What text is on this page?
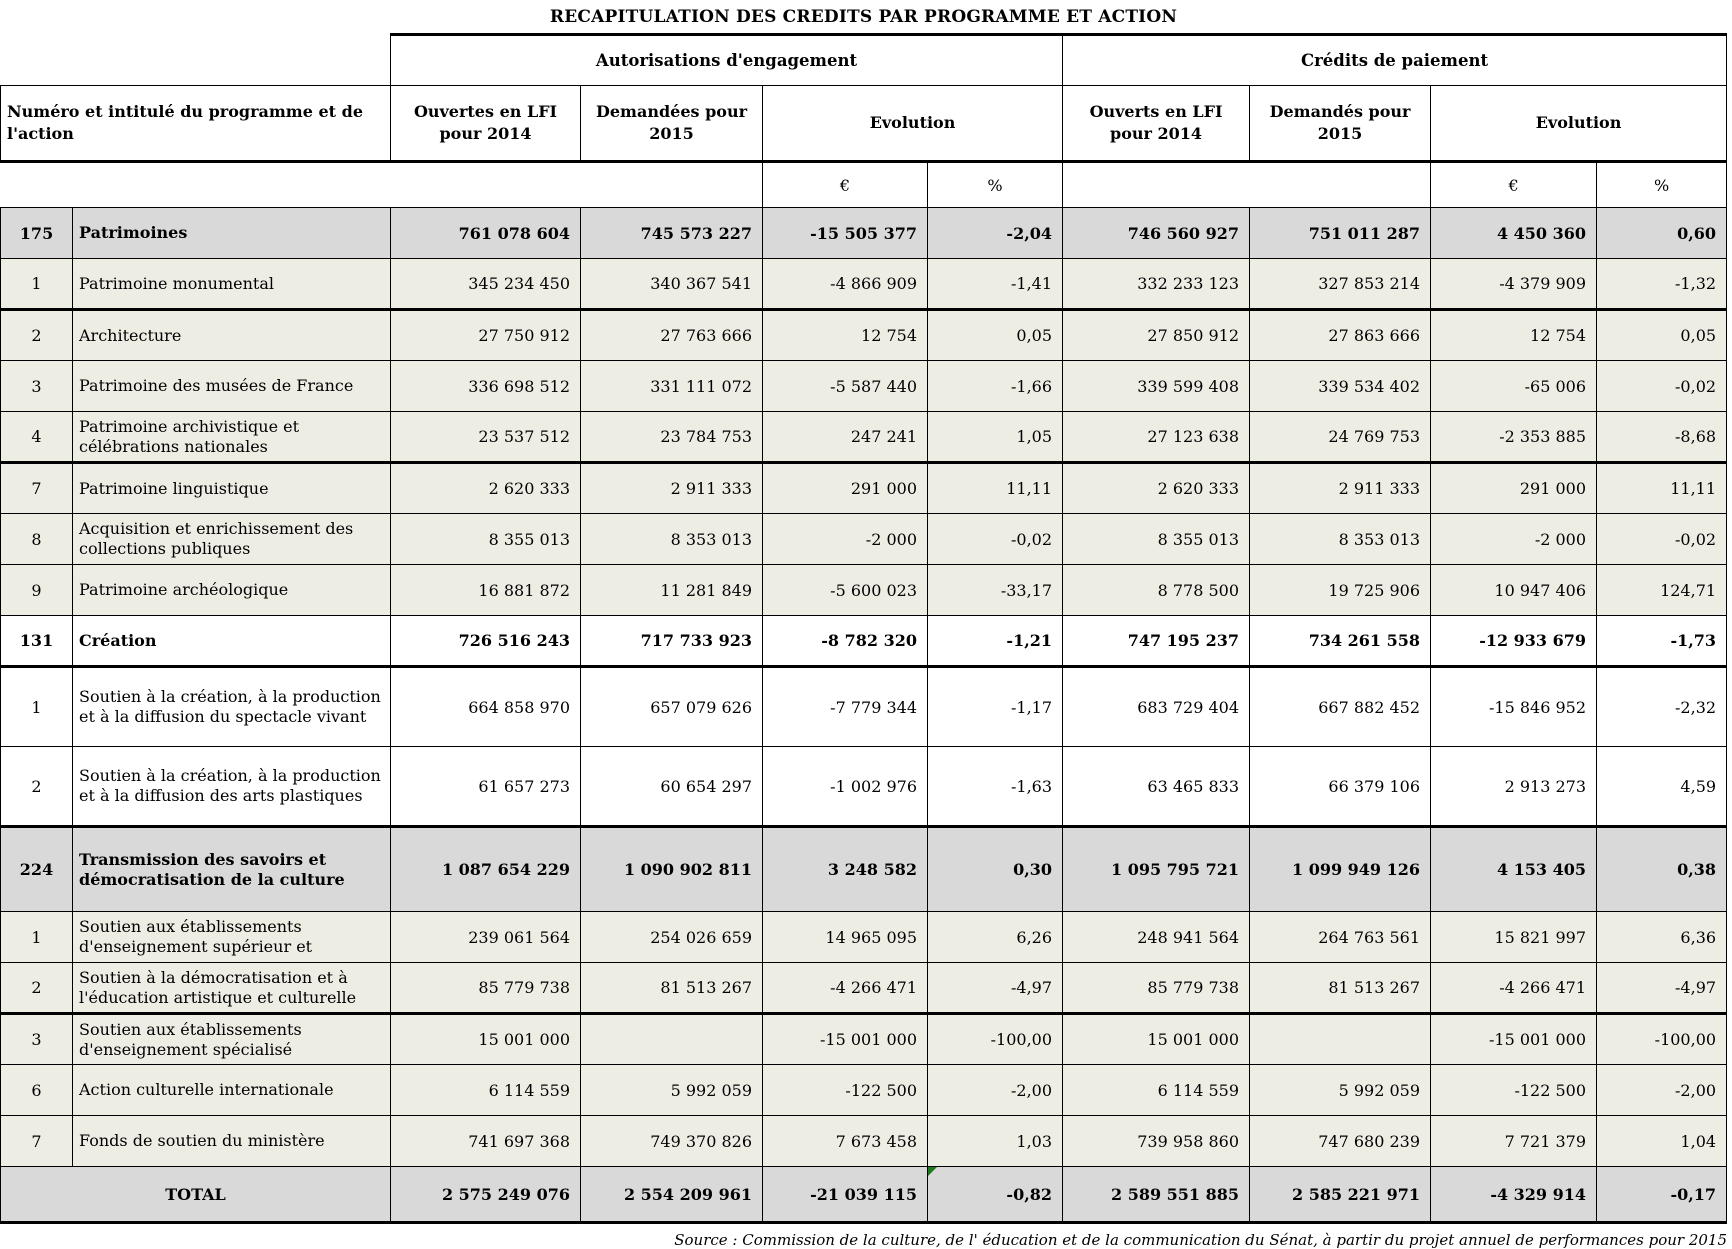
RECAPITULATION DES CREDITS PAR PROGRAMME ET ACTION
		Autorisations d'engagement				Crédits de paiement			
Numéro et intitulé du programme et de l'action		Ouvertes en LFI pour 2014	Demandées pour 2015	Evolution		Ouverts en LFI pour 2014	Demandés pour 2015	Evolution	
				€	%			€	%
175	Patrimoines	761 078 604	745 573 227	-15 505 377	-2,04	746 560 927	751 011 287	4 450 360	0,60
1	Patrimoine monumental	345 234 450	340 367 541	-4 866 909	-1,41	332 233 123	327 853 214	-4 379 909	-1,32
2	Architecture	27 750 912	27 763 666	12 754	0,05	27 850 912	27 863 666	12 754	0,05
3	Patrimoine des musées de France	336 698 512	331 111 072	-5 587 440	-1,66	339 599 408	339 534 402	-65 006	-0,02
4	Patrimoine archivistique et célébrations nationales	23 537 512	23 784 753	247 241	1,05	27 123 638	24 769 753	-2 353 885	-8,68
7	Patrimoine linguistique	2 620 333	2 911 333	291 000	11,11	2 620 333	2 911 333	291 000	11,11
8	Acquisition et enrichissement des collections publiques	8 355 013	8 353 013	-2 000	-0,02	8 355 013	8 353 013	-2 000	-0,02
9	Patrimoine archéologique	16 881 872	11 281 849	-5 600 023	-33,17	8 778 500	19 725 906	10 947 406	124,71
131	Création	726 516 243	717 733 923	-8 782 320	-1,21	747 195 237	734 261 558	-12 933 679	-1,73
1	Soutien à la création, à la production et à la diffusion du spectacle vivant	664 858 970	657 079 626	-7 779 344	-1,17	683 729 404	667 882 452	-15 846 952	-2,32
2	Soutien à la création, à la production et à la diffusion des arts plastiques	61 657 273	60 654 297	-1 002 976	-1,63	63 465 833	66 379 106	2 913 273	4,59
224	Transmission des savoirs et démocratisation de la culture	1 087 654 229	1 090 902 811	3 248 582	0,30	1 095 795 721	1 099 949 126	4 153 405	0,38
1	Soutien aux établissements d'enseignement supérieur et	239 061 564	254 026 659	14 965 095	6,26	248 941 564	264 763 561	15 821 997	6,36
2	Soutien à la démocratisation et à l'éducation artistique et culturelle	85 779 738	81 513 267	-4 266 471	-4,97	85 779 738	81 513 267	-4 266 471	-4,97
3	Soutien aux établissements d'enseignement spécialisé	15 001 000		-15 001 000	-100,00	15 001 000		-15 001 000	-100,00
6	Action culturelle internationale	6 114 559	5 992 059	-122 500	-2,00	6 114 559	5 992 059	-122 500	-2,00
7	Fonds de soutien du ministère	741 697 368	749 370 826	7 673 458	1,03	739 958 860	747 680 239	7 721 379	1,04
TOTAL		2 575 249 076	2 554 209 961	-21 039 115	-0,82	2 589 551 885	2 585 221 971	-4 329 914	-0,17
Source : Commission de la culture, de l' éducation et de la communication du Sénat, à partir du projet annuel de performances pour 2015
